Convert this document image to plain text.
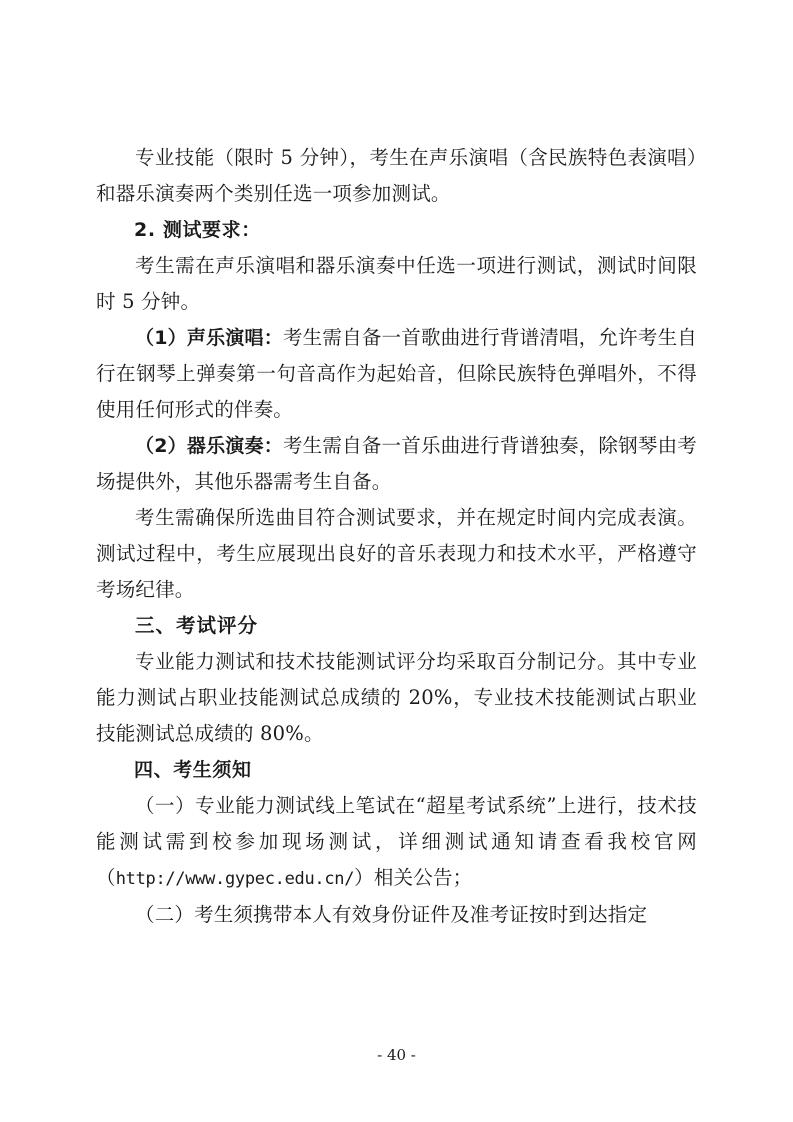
专业技能（限时 5 分钟），考生在声乐演唱（含民族特色表演唱）和器乐演奏两个类别任选一项参加测试。

2. 测试要求：

考生需在声乐演唱和器乐演奏中任选一项进行测试，测试时间限时 5 分钟。

（1）声乐演唱：考生需自备一首歌曲进行背谱清唱，允许考生自行在钢琴上弹奏第一句音高作为起始音，但除民族特色弹唱外，不得使用任何形式的伴奏。

（2）器乐演奏：考生需自备一首乐曲进行背谱独奏，除钢琴由考场提供外，其他乐器需考生自备。

考生需确保所选曲目符合测试要求，并在规定时间内完成表演。测试过程中，考生应展现出良好的音乐表现力和技术水平，严格遵守考场纪律。

三、考试评分

专业能力测试和技术技能测试评分均采取百分制记分。其中专业能力测试占职业技能测试总成绩的 20%，专业技术技能测试占职业技能测试总成绩的 80%。

四、考生须知

（一）专业能力测试线上笔试在“超星考试系统”上进行，技术技能测试需到校参加现场测试，详细测试通知请查看我校官网（http://www.gypec.edu.cn/）相关公告；

（二）考生须携带本人有效身份证件及准考证按时到达指定

- 40 -
